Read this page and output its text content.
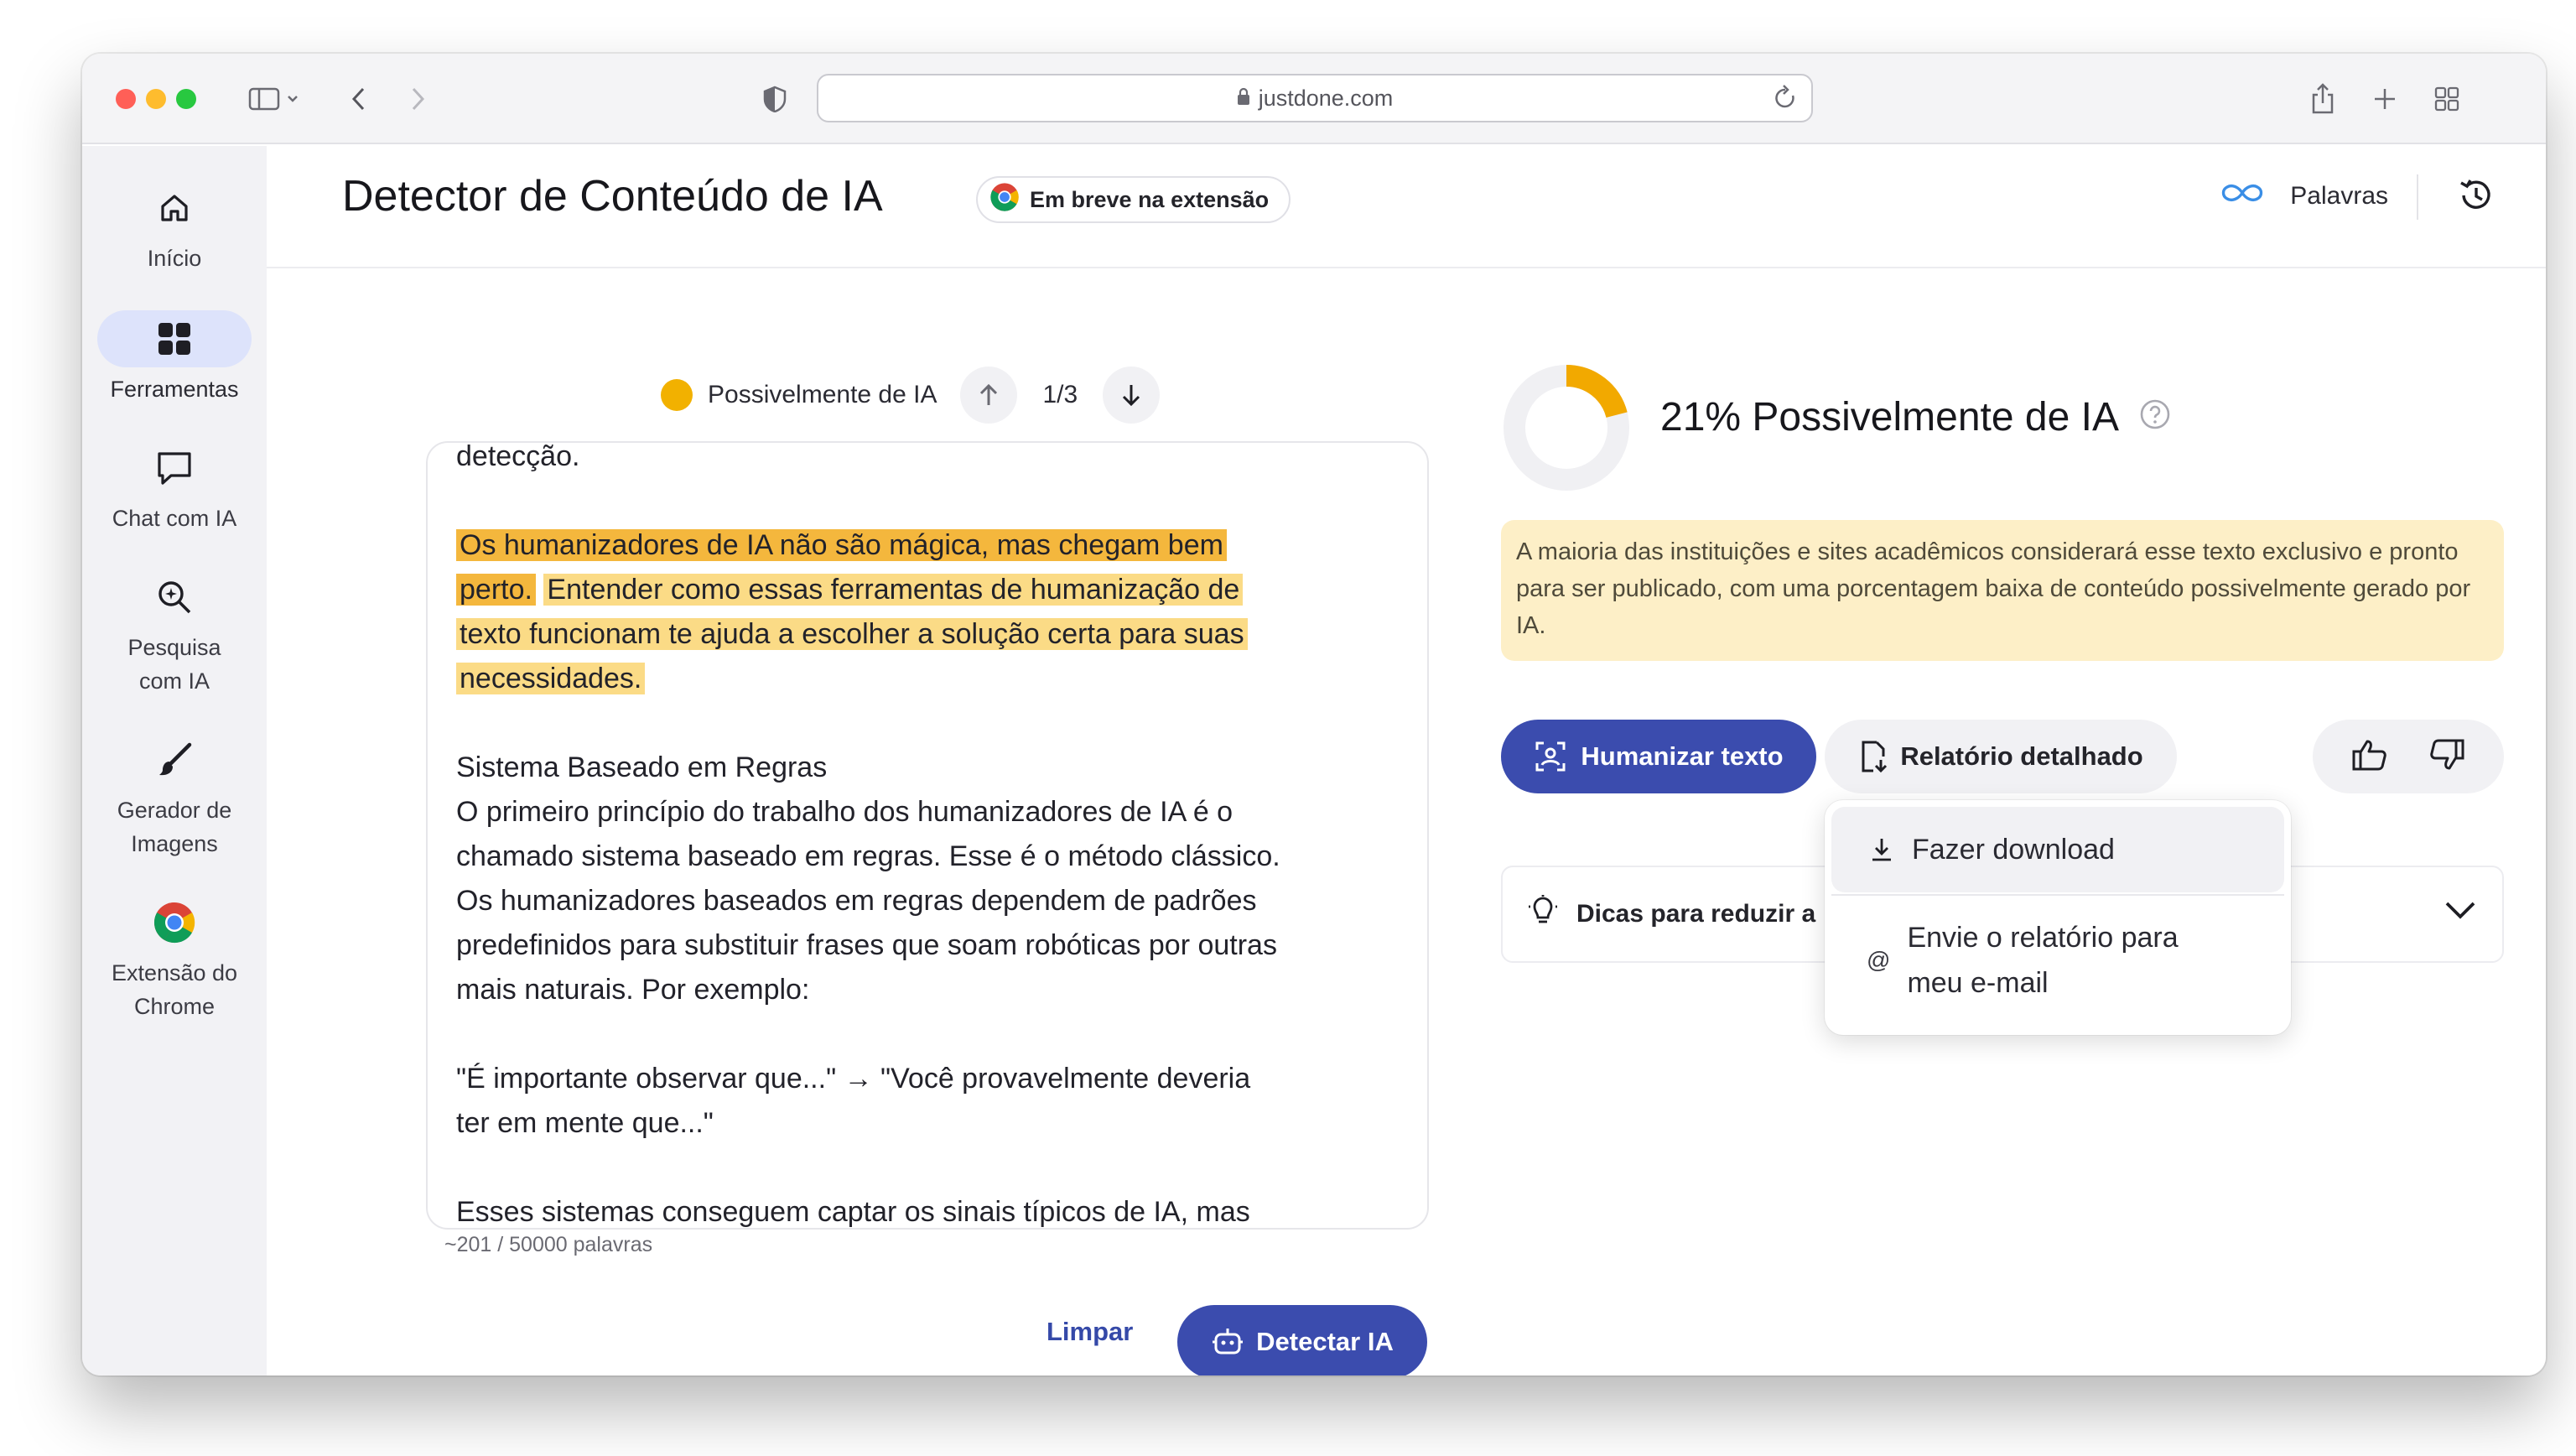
justdone.com
Início
Ferramentas
Chat com IA
Pesquisa com IA
Gerador de Imagens
Extensão do Chrome
Detector de Conteúdo de IA	Em breve na extensão	Palavras
Possivelmente de IA	1/3

detecção.

Os humanizadores de IA não são mágica, mas chegam bem

perto. Entender como essas ferramentas de humanização de

texto funcionam te ajuda a escolher a solução certa para suas

necessidades.

Sistema Baseado em Regras

O primeiro princípio do trabalho dos humanizadores de IA é o

chamado sistema baseado em regras. Esse é o método clássico.

Os humanizadores baseados em regras dependem de padrões

predefinidos para substituir frases que soam robóticas por outras

mais naturais. Por exemplo:

"É importante observar que..." → "Você provavelmente deveria

ter em mente que..."

Esses sistemas conseguem captar os sinais típicos de IA, mas

~201 / 50000 palavras
Limpar	Detectar IA
21% Possivelmente de IA
A maioria das instituições e sites acadêmicos considerará esse texto exclusivo e pronto para ser publicado, com uma porcentagem baixa de conteúdo possivelmente gerado por IA.
Humanizar texto	Relatório detalhado
Dicas para reduzir a
Fazer download
@
Envie o relatório para
meu e-mail
